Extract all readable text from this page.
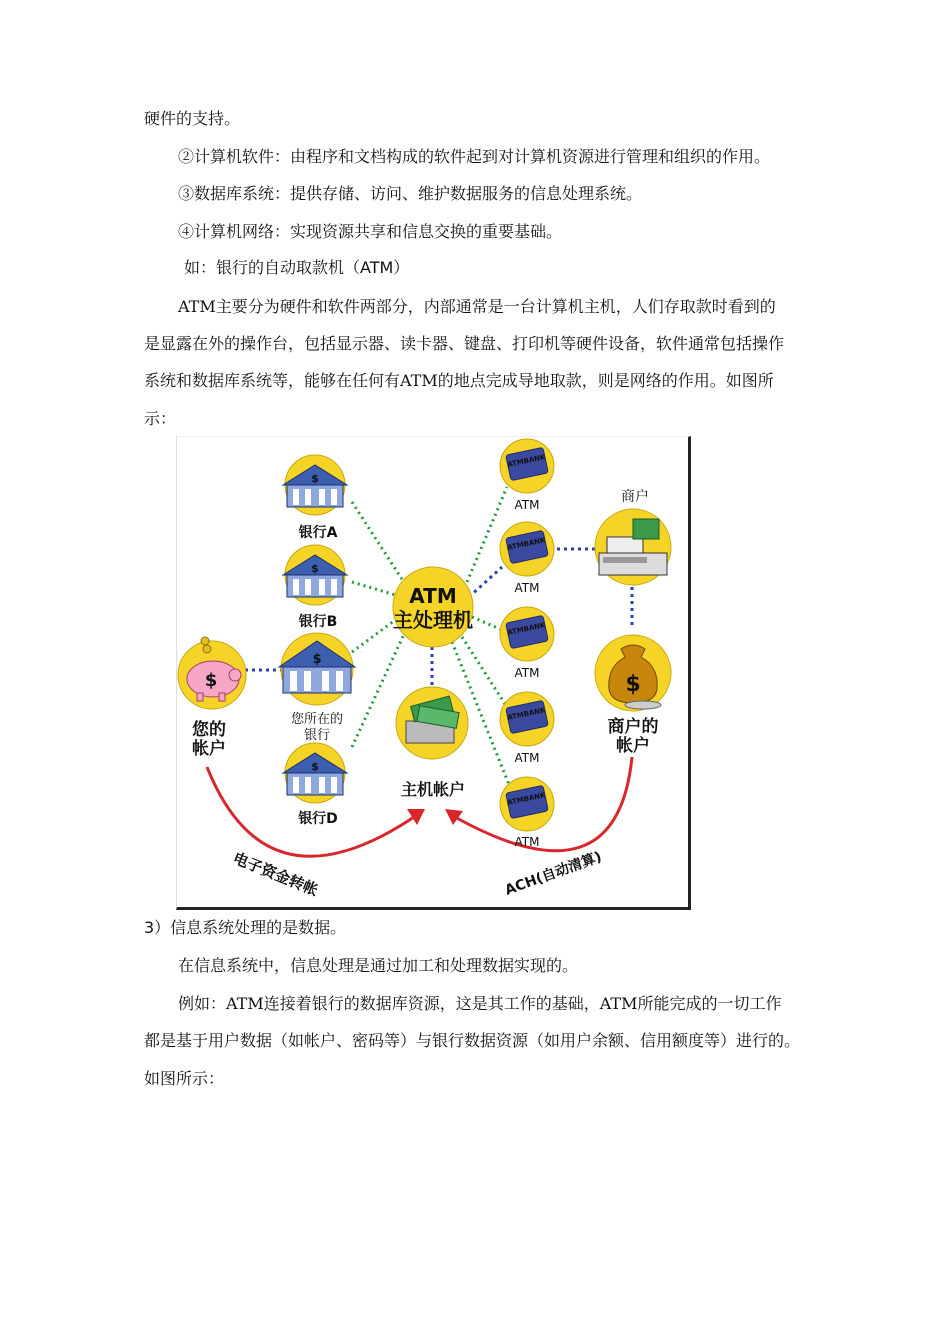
硬件的支持。
②计算机软件：由程序和文档构成的软件起到对计算机资源进行管理和组织的作用。
③数据库系统：提供存储、访问、维护数据服务的信息处理系统。
④计算机网络：实现资源共享和信息交换的重要基础。
如：银行的自动取款机（ATM）
ATM主要分为硬件和软件两部分，内部通常是一台计算机主机，人们存取款时看到的
是显露在外的操作台，包括显示器、读卡器、键盘、打印机等硬件设备，软件通常包括操作
系统和数据库系统等，能够在任何有ATM的地点完成导地取款，则是网络的作用。如图所
示：
$
银行A
$
银行B
$
您所在的
银行
$
银行D
$
您的
帐户
ATM
主处理机
主机帐户
ATMBANK
ATM
ATMBANK
ATM
ATMBANK
ATM
ATMBANK
ATM
ATMBANK
ATM
商户
$
商户的
帐户
电子资金转帐	ACH(自动清算)
3）信息系统处理的是数据。
在信息系统中，信息处理是通过加工和处理数据实现的。
例如：ATM连接着银行的数据库资源，这是其工作的基础，ATM所能完成的一切工作
都是基于用户数据（如帐户、密码等）与银行数据资源（如用户余额、信用额度等）进行的。
如图所示：
